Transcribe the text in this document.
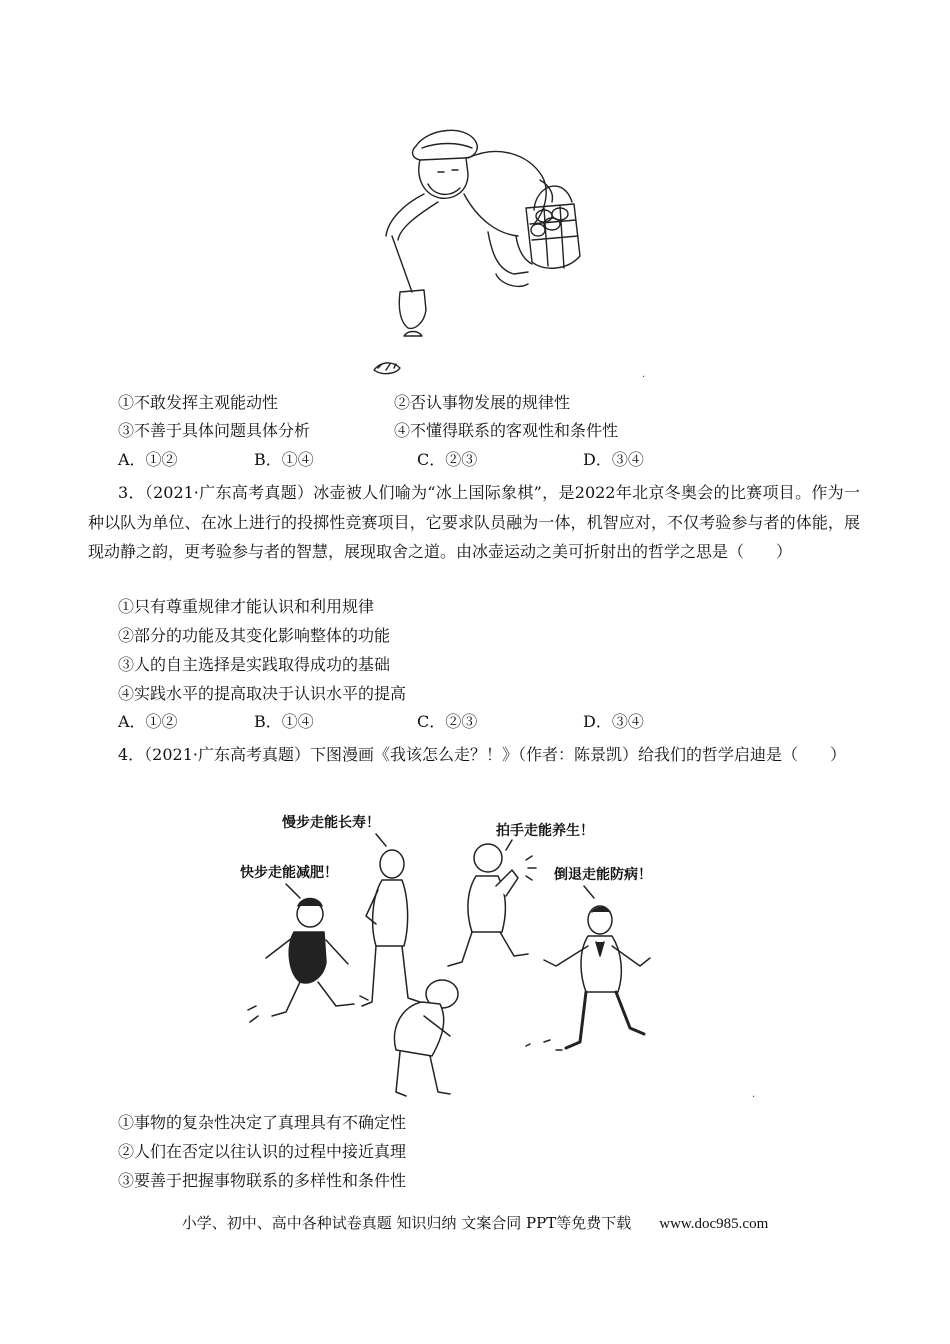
·
①不敢发挥主观能动性	②否认事物发展的规律性
③不善于具体问题具体分析	④不懂得联系的客观性和条件性
A．①②	B．①④	C．②③	D．③④
3．（2021·广东高考真题）冰壶被人们喻为“冰上国际象棋”，是2022年北京冬奥会的比赛项目。作为一种以队为单位、在冰上进行的投掷性竞赛项目，它要求队员融为一体，机智应对，不仅考验参与者的体能，展现动静之韵，更考验参与者的智慧，展现取舍之道。由冰壶运动之美可折射出的哲学之思是（　　）
①只有尊重规律才能认识和利用规律
②部分的功能及其变化影响整体的功能
③人的自主选择是实践取得成功的基础
④实践水平的提高取决于认识水平的提高
A．①②	B．①④	C．②③	D．③④
4．（2021·广东高考真题）下图漫画《我该怎么走？！》（作者：陈景凯）给我们的哲学启迪是（　　）
慢步走能长寿！	拍手走能养生！
快步走能减肥！	倒退走能防病！
·
①事物的复杂性决定了真理具有不确定性
②人们在否定以往认识的过程中接近真理
③要善于把握事物联系的多样性和条件性
小学、初中、高中各种试卷真题 知识归纳 文案合同 PPT等免费下载 www.doc985.com
